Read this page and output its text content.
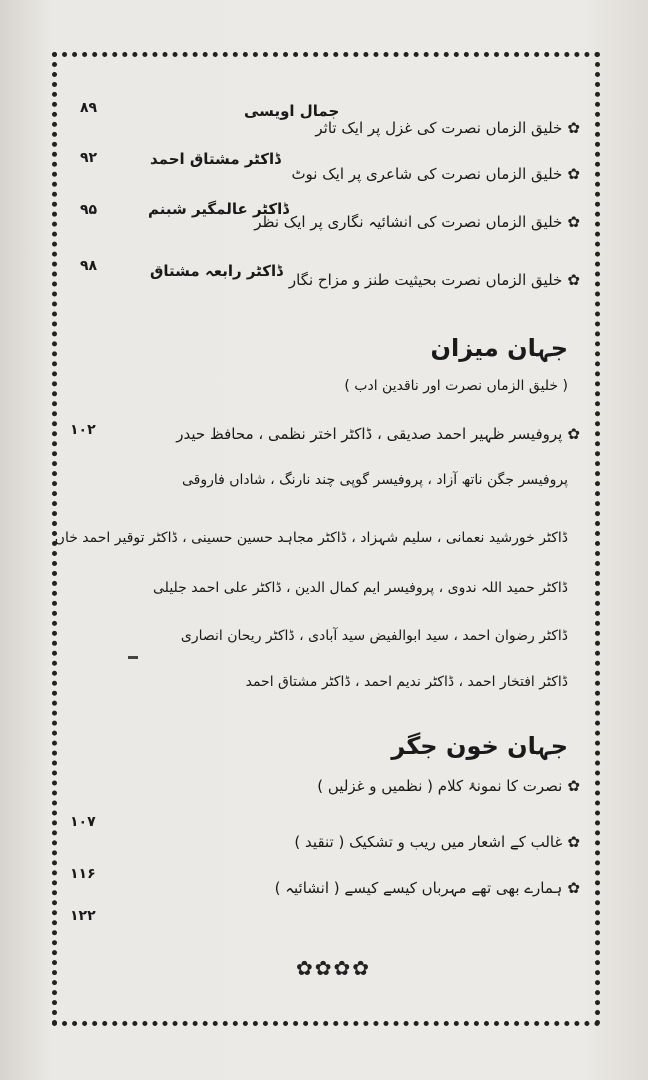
✿ خلیق الزماں نصرت کی غزل پر ایک تاثر
جمال اویسی
۸۹
✿ خلیق الزماں نصرت کی شاعری پر ایک نوٹ
ڈاکٹر مشتاق احمد
۹۲
✿ خلیق الزماں نصرت کی انشائیہ نگاری پر ایک نظر
ڈاکٹر عالمگیر شبنم
۹۵
✿ خلیق الزماں نصرت بحیثیت طنز و مزاح نگار
ڈاکٹر رابعہ مشتاق
۹۸
جہان میزان
( خلیق الزماں نصرت اور ناقدین ادب )
✿ پروفیسر ظہیر احمد صدیقی ، ڈاکٹر اختر نظمی ، محافظ حیدر
۱۰۲
پروفیسر جگن ناتھ آزاد ، پروفیسر گوپی چند نارنگ ، شاداں فاروقی
ڈاکٹر خورشید نعمانی ، سلیم شہزاد ، ڈاکٹر مجاہد حسین حسینی ، ڈاکٹر توقیر احمد خاں
ڈاکٹر حمید اللہ ندوی ، پروفیسر ایم کمال الدین ، ڈاکٹر علی احمد جلیلی
ڈاکٹر رضوان احمد ، سید ابوالفیض سید آبادی ، ڈاکٹر ریحان انصاری
ڈاکٹر افتخار احمد ، ڈاکٹر ندیم احمد ، ڈاکٹر مشتاق احمد
جہان خون جگر
✿ نصرت کا نمونۂ کلام ( نظمیں و غزلیں )
۱۰۷
✿ غالب کے اشعار میں ریب و تشکیک ( تنقید )
۱۱۶
✿ ہمارے بھی تھے مہرباں کیسے کیسے ( انشائیہ )
۱۲۲
✿✿✿✿
